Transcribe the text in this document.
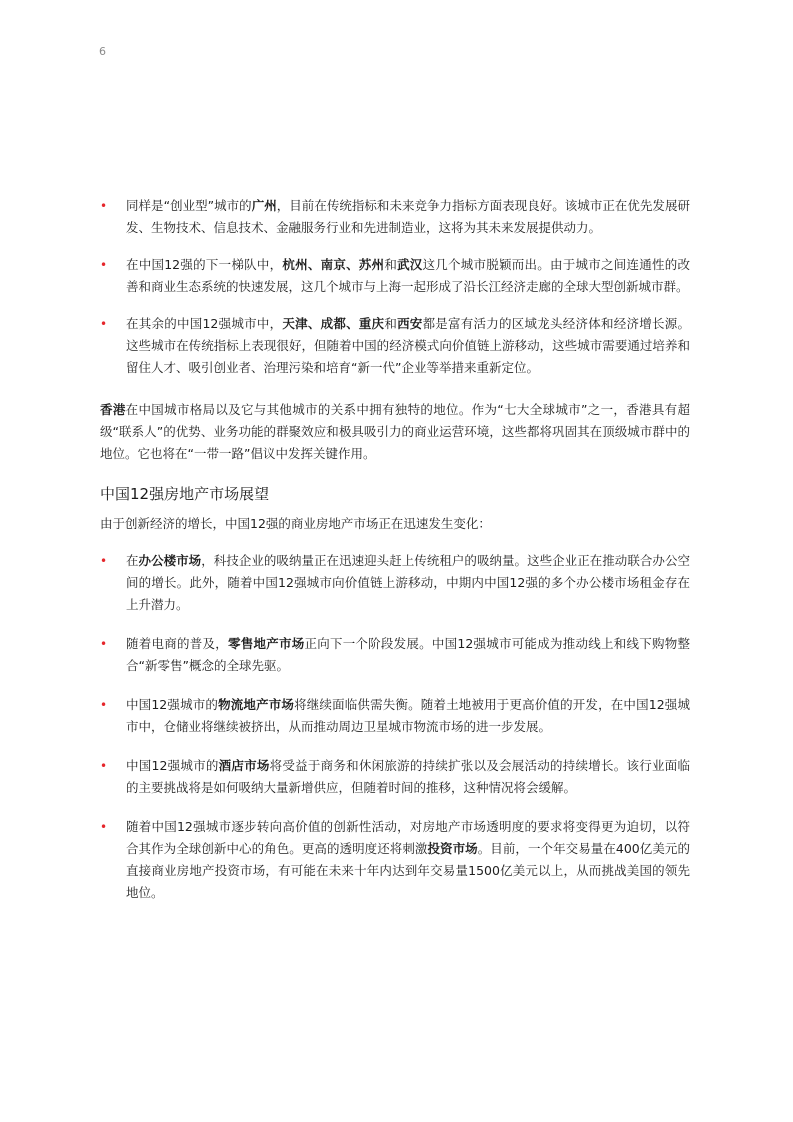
6
• 同样是“创业型”城市的广州，目前在传统指标和未来竞争力指标方面表现良好。该城市正在优先发展研发、生物技术、信息技术、金融服务行业和先进制造业，这将为其未来发展提供动力。
• 在中国12强的下一梯队中，杭州、南京、苏州和武汉这几个城市脱颖而出。由于城市之间连通性的改善和商业生态系统的快速发展，这几个城市与上海一起形成了沿长江经济走廊的全球大型创新城市群。
• 在其余的中国12强城市中，天津、成都、重庆和西安都是富有活力的区域龙头经济体和经济增长源。这些城市在传统指标上表现很好，但随着中国的经济模式向价值链上游移动，这些城市需要通过培养和留住人才、吸引创业者、治理污染和培育“新一代”企业等举措来重新定位。

香港在中国城市格局以及它与其他城市的关系中拥有独特的地位。作为“七大全球城市”之一，香港具有超级“联系人”的优势、业务功能的群聚效应和极具吸引力的商业运营环境，这些都将巩固其在顶级城市群中的地位。它也将在“一带一路”倡议中发挥关键作用。

中国12强房地产市场展望

由于创新经济的增长，中国12强的商业房地产市场正在迅速发生变化：

• 在办公楼市场，科技企业的吸纳量正在迅速迎头赶上传统租户的吸纳量。这些企业正在推动联合办公空间的增长。此外，随着中国12强城市向价值链上游移动，中期内中国12强的多个办公楼市场租金存在上升潜力。
• 随着电商的普及，零售地产市场正向下一个阶段发展。中国12强城市可能成为推动线上和线下购物整合“新零售”概念的全球先驱。
• 中国12强城市的物流地产市场将继续面临供需失衡。随着土地被用于更高价值的开发，在中国12强城市中，仓储业将继续被挤出，从而推动周边卫星城市物流市场的进一步发展。
• 中国12强城市的酒店市场将受益于商务和休闲旅游的持续扩张以及会展活动的持续增长。该行业面临的主要挑战将是如何吸纳大量新增供应，但随着时间的推移，这种情况将会缓解。
• 随着中国12强城市逐步转向高价值的创新性活动，对房地产市场透明度的要求将变得更为迫切，以符合其作为全球创新中心的角色。更高的透明度还将刺激投资市场。目前，一个年交易量在400亿美元的直接商业房地产投资市场，有可能在未来十年内达到年交易量1500亿美元以上，从而挑战美国的领先地位。
